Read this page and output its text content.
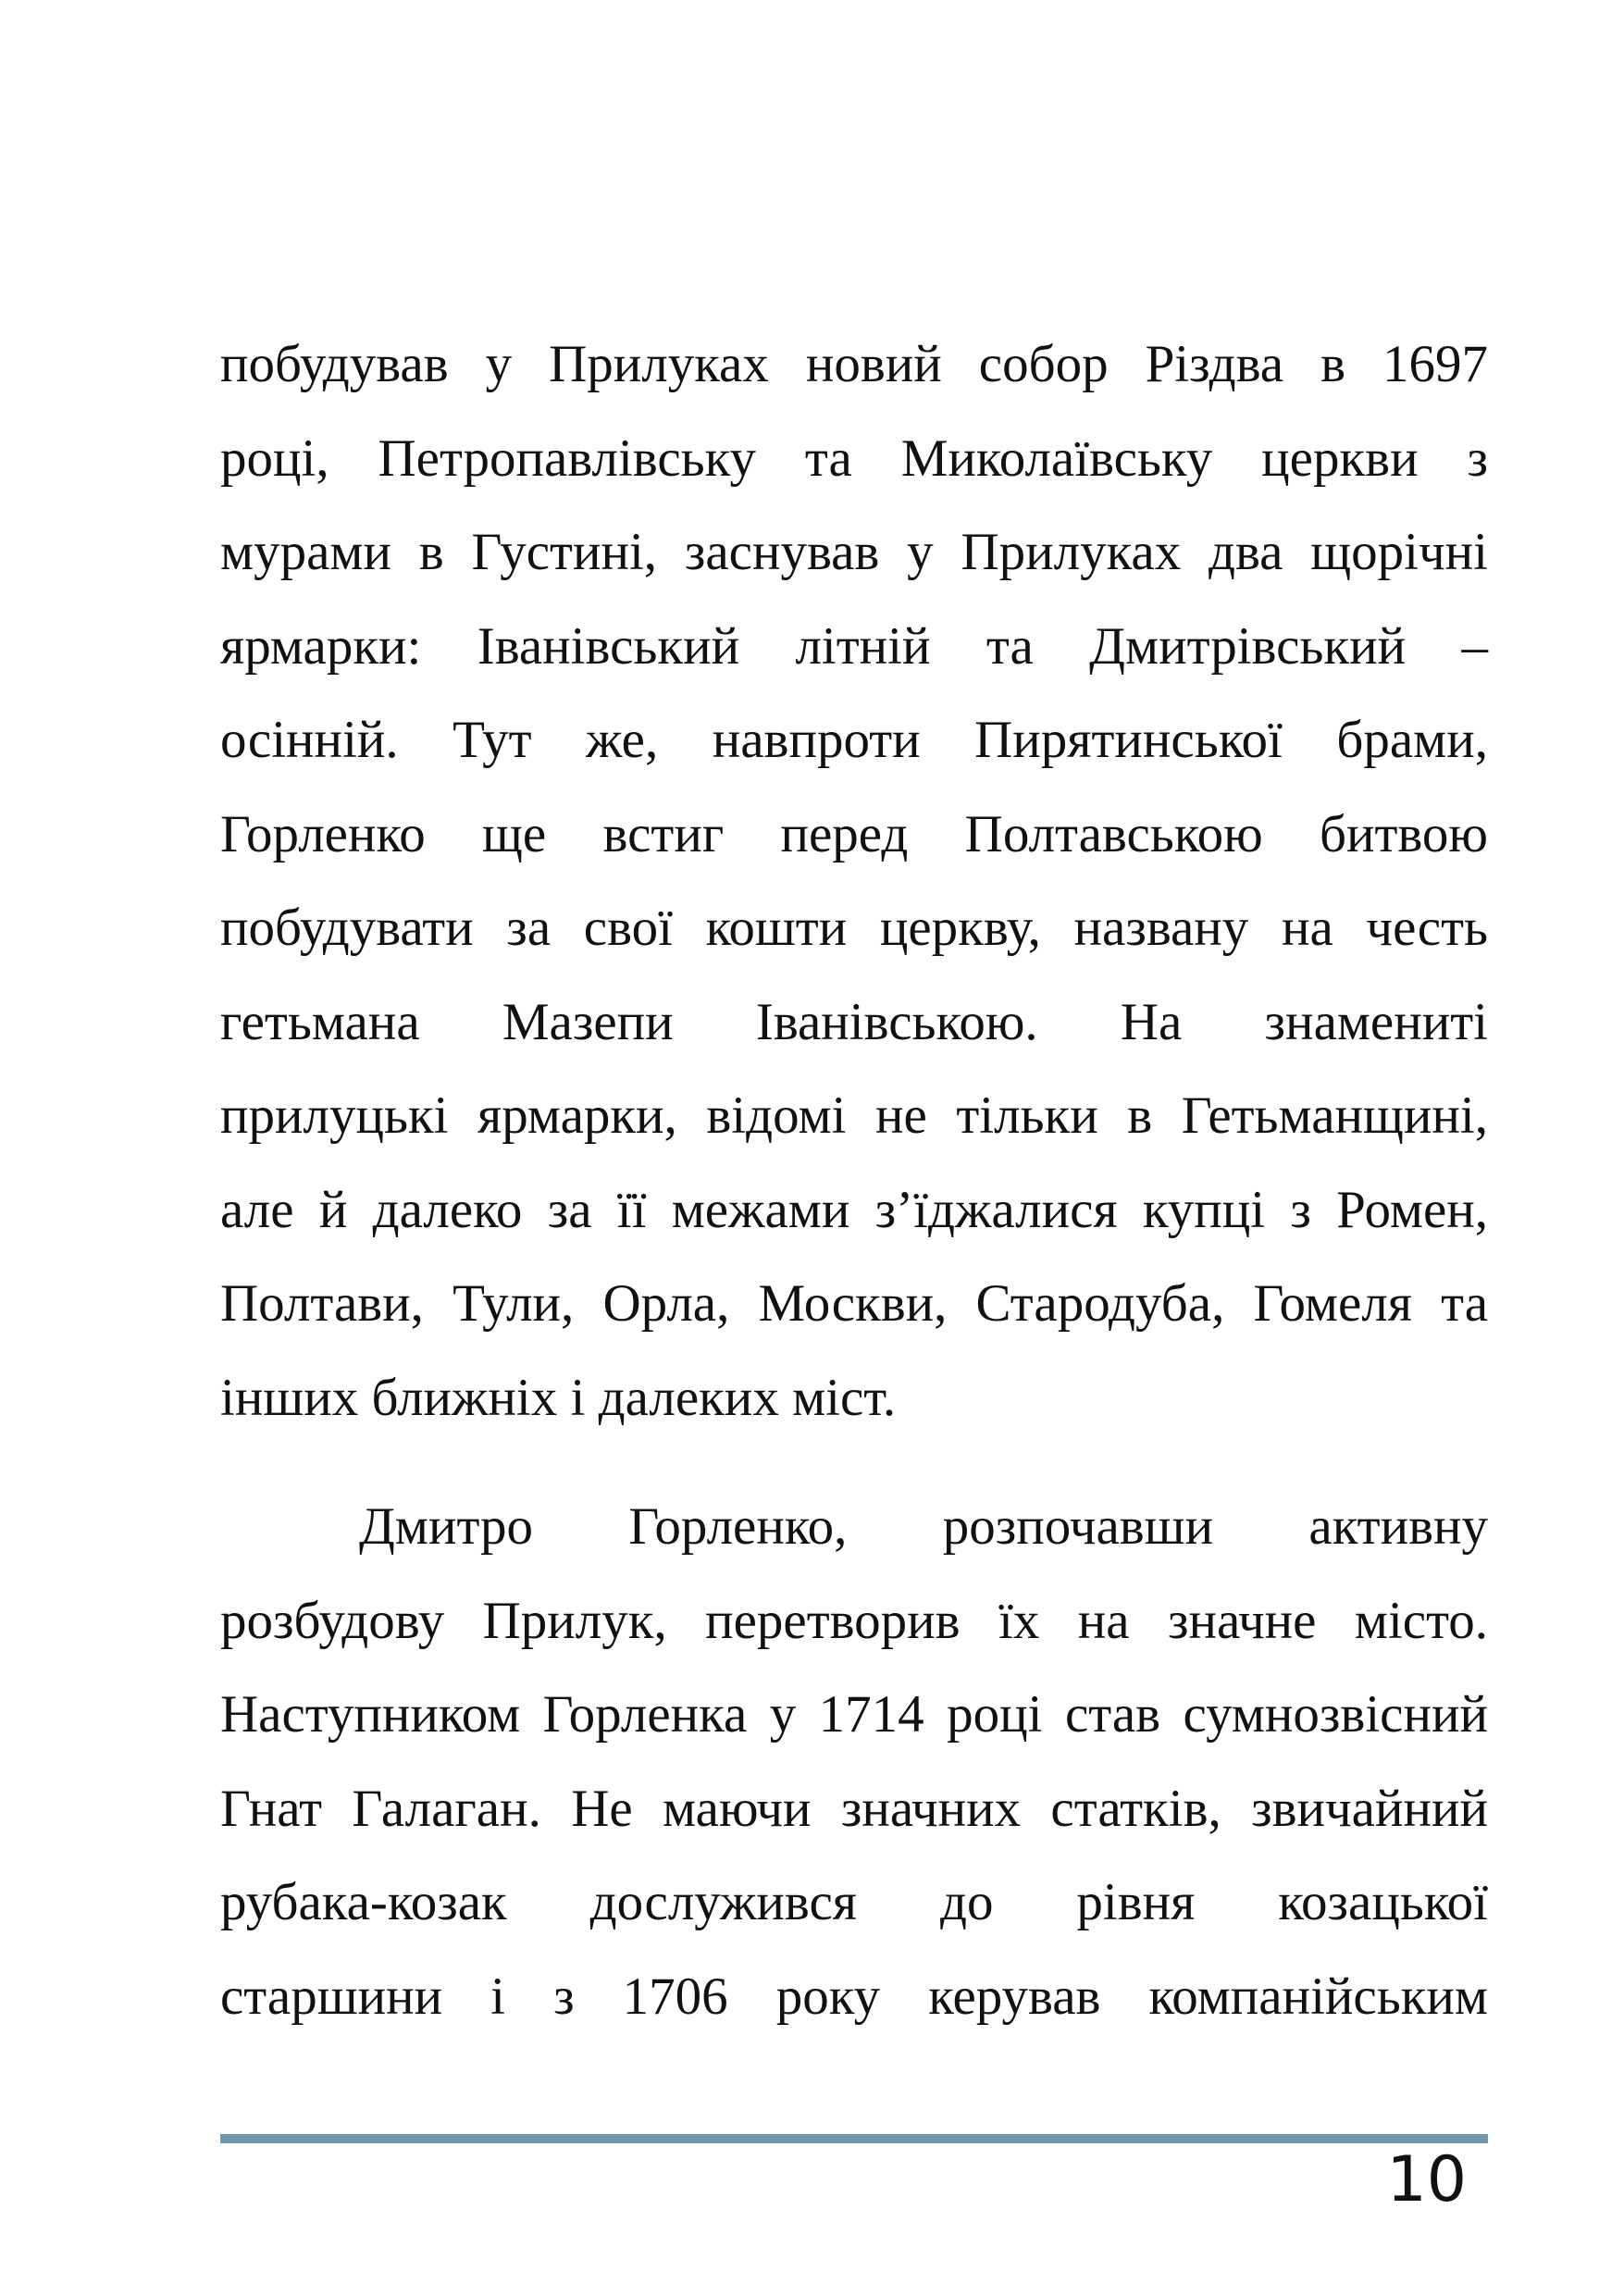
побудував у Прилуках новий собор Різдва в 1697
році, Петропавлівську та Миколаївську церкви з
мурами в Густині, заснував у Прилуках два щорічні
ярмарки: Іванівський літній та Дмитрівський –
осінній. Тут же, навпроти Пирятинської брами,
Горленко ще встиг перед Полтавською битвою
побудувати за свої кошти церкву, названу на честь
гетьмана Мазепи Іванівською. На знамениті
прилуцькі ярмарки, відомі не тільки в Гетьманщині,
але й далеко за її межами з’їджалися купці з Ромен,
Полтави, Тули, Орла, Москви, Стародуба, Гомеля та
інших ближніх і далеких міст.
Дмитро Горленко, розпочавши активну
розбудову Прилук, перетворив їх на значне місто.
Наступником Горленка у 1714 році став сумнозвісний
Гнат Галаган. Не маючи значних статків, звичайний
рубака-козак дослужився до рівня козацької
старшини і з 1706 року керував компанійським
10
